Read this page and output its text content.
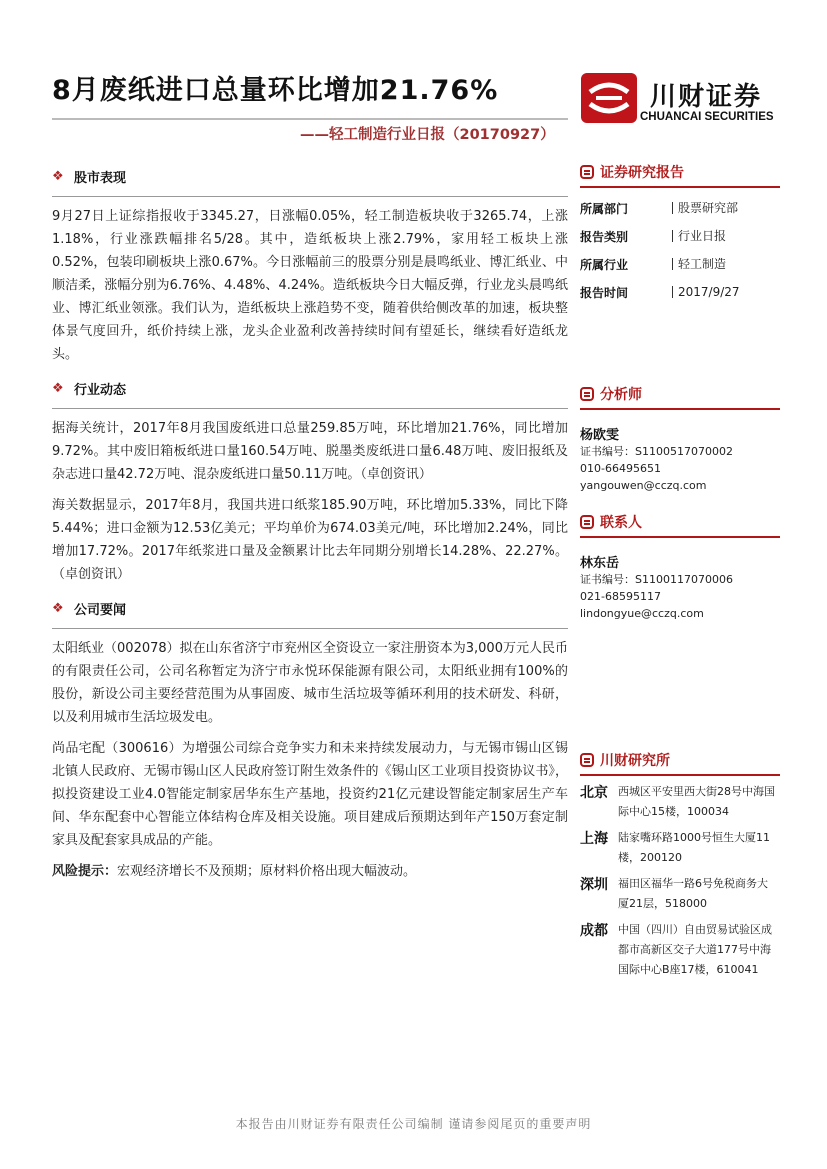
8月废纸进口总量环比增加21.76%
——轻工制造行业日报（20170927）
川财证券
CHUANCAI SECURITIES
❖ 股市表现

9月27日上证综指报收于3345.27，日涨幅0.05%，轻工制造板块收于3265.74，上涨1.18%，行业涨跌幅排名5/28。其中，造纸板块上涨2.79%，家用轻工板块上涨0.52%，包装印刷板块上涨0.67%。今日涨幅前三的股票分别是晨鸣纸业、博汇纸业、中顺洁柔，涨幅分别为6.76%、4.48%、4.24%。造纸板块今日大幅反弹，行业龙头晨鸣纸业、博汇纸业领涨。我们认为，造纸板块上涨趋势不变，随着供给侧改革的加速，板块整体景气度回升，纸价持续上涨，龙头企业盈利改善持续时间有望延长，继续看好造纸龙头。

❖ 行业动态

据海关统计，2017年8月我国废纸进口总量259.85万吨，环比增加21.76%，同比增加9.72%。其中废旧箱板纸进口量160.54万吨、脱墨类废纸进口量6.48万吨、废旧报纸及杂志进口量42.72万吨、混杂废纸进口量50.11万吨。（卓创资讯）

海关数据显示，2017年8月，我国共进口纸浆185.90万吨，环比增加5.33%，同比下降5.44%；进口金额为12.53亿美元；平均单价为674.03美元/吨，环比增加2.24%，同比增加17.72%。2017年纸浆进口量及金额累计比去年同期分别增长14.28%、22.27%。（卓创资讯）

❖ 公司要闻

太阳纸业（002078）拟在山东省济宁市兖州区全资设立一家注册资本为3,000万元人民币的有限责任公司，公司名称暂定为济宁市永悦环保能源有限公司，太阳纸业拥有100%的股份，新设公司主要经营范围为从事固废、城市生活垃圾等循环利用的技术研发、科研，以及利用城市生活垃圾发电。

尚品宅配（300616）为增强公司综合竞争实力和未来持续发展动力，与无锡市锡山区锡北镇人民政府、无锡市锡山区人民政府签订附生效条件的《锡山区工业项目投资协议书》，拟投资建设工业4.0智能定制家居华东生产基地，投资约21亿元建设智能定制家居生产车间、华东配套中心智能立体结构仓库及相关设施。项目建成后预期达到年产150万套定制家具及配套家具成品的产能。

风险提示：宏观经济增长不及预期；原材料价格出现大幅波动。

证券研究报告
所属部门	股票研究部
报告类别	行业日报
所属行业	轻工制造
报告时间	2017/9/27
分析师
杨欧雯
证书编号：S1100517070002
010-66495651
yangouwen@cczq.com
联系人
林东岳
证书编号：S1100117070006
021-68595117
lindongyue@cczq.com
川财研究所
北京 西城区平安里西大街28号中海国际中心15楼，100034
上海 陆家嘴环路1000号恒生大厦11楼，200120
深圳 福田区福华一路6号免税商务大厦21层，518000
成都 中国（四川）自由贸易试验区成都市高新区交子大道177号中海国际中心B座17楼，610041
本报告由川财证券有限责任公司编制 谨请参阅尾页的重要声明
